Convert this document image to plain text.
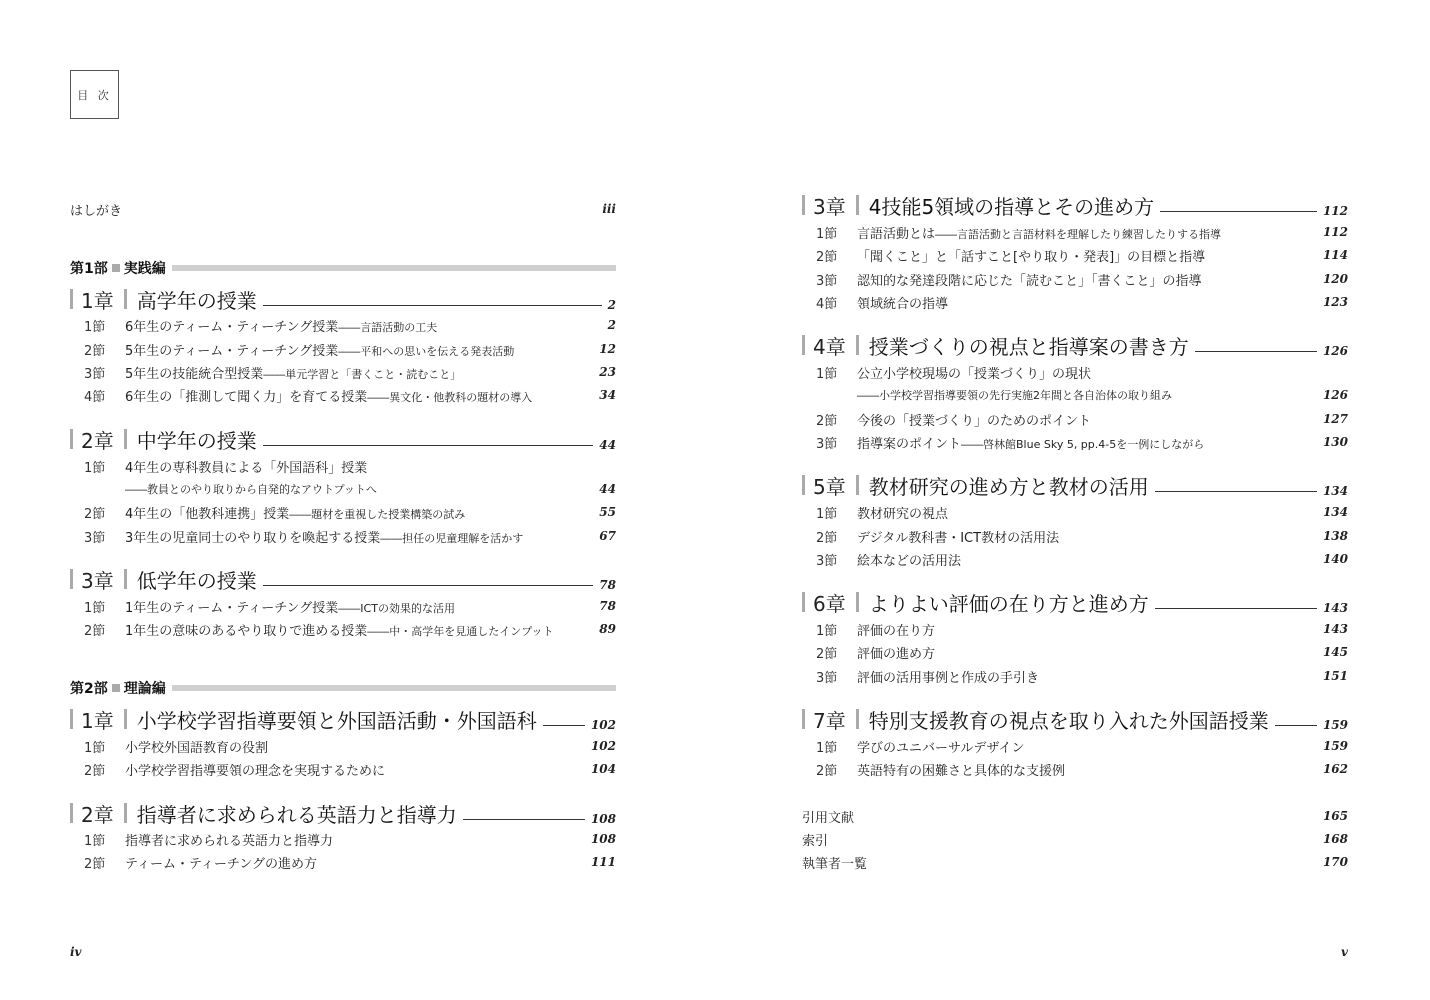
目 次
はしがき	iii
第1部 実践編
1章 高学年の授業	2
1節	6年生のティーム・ティーチング授業――言語活動の工夫	2
2節	5年生のティーム・ティーチング授業――平和への思いを伝える発表活動	12
3節	5年生の技能統合型授業――単元学習と「書くこと・読むこと」	23
4節	6年生の「推測して聞く力」を育てる授業――異文化・他教科の題材の導入	34
2章 中学年の授業	44
1節	4年生の専科教員による「外国語科」授業
――教員とのやり取りから自発的なアウトプットへ	44
2節	4年生の「他教科連携」授業――題材を重視した授業構築の試み	55
3節	3年生の児童同士のやり取りを喚起する授業――担任の児童理解を活かす	67
3章 低学年の授業	78
1節	1年生のティーム・ティーチング授業――ICTの効果的な活用	78
2節	1年生の意味のあるやり取りで進める授業――中・高学年を見通したインプット	89
第2部 理論編
1章 小学校学習指導要領と外国語活動・外国語科	102
1節	小学校外国語教育の役割	102
2節	小学校学習指導要領の理念を実現するために	104
2章 指導者に求められる英語力と指導力	108
1節	指導者に求められる英語力と指導力	108
2節	ティーム・ティーチングの進め方	111
iv
3章 4技能5領域の指導とその進め方	112
1節	言語活動とは――言語活動と言語材料を理解したり練習したりする指導	112
2節	「聞くこと」と「話すこと[やり取り・発表]」の目標と指導	114
3節	認知的な発達段階に応じた「読むこと」「書くこと」の指導	120
4節	領域統合の指導	123
4章 授業づくりの視点と指導案の書き方	126
1節	公立小学校現場の「授業づくり」の現状
――小学校学習指導要領の先行実施2年間と各自治体の取り組み	126
2節	今後の「授業づくり」のためのポイント	127
3節	指導案のポイント――啓林館Blue Sky 5, pp.4-5を一例にしながら	130
5章 教材研究の進め方と教材の活用	134
1節	教材研究の視点	134
2節	デジタル教科書・ICT教材の活用法	138
3節	絵本などの活用法	140
6章 よりよい評価の在り方と進め方	143
1節	評価の在り方	143
2節	評価の進め方	145
3節	評価の活用事例と作成の手引き	151
7章 特別支援教育の視点を取り入れた外国語授業	159
1節	学びのユニバーサルデザイン	159
2節	英語特有の困難さと具体的な支援例	162
引用文献	165
索引	168
執筆者一覧	170
v
